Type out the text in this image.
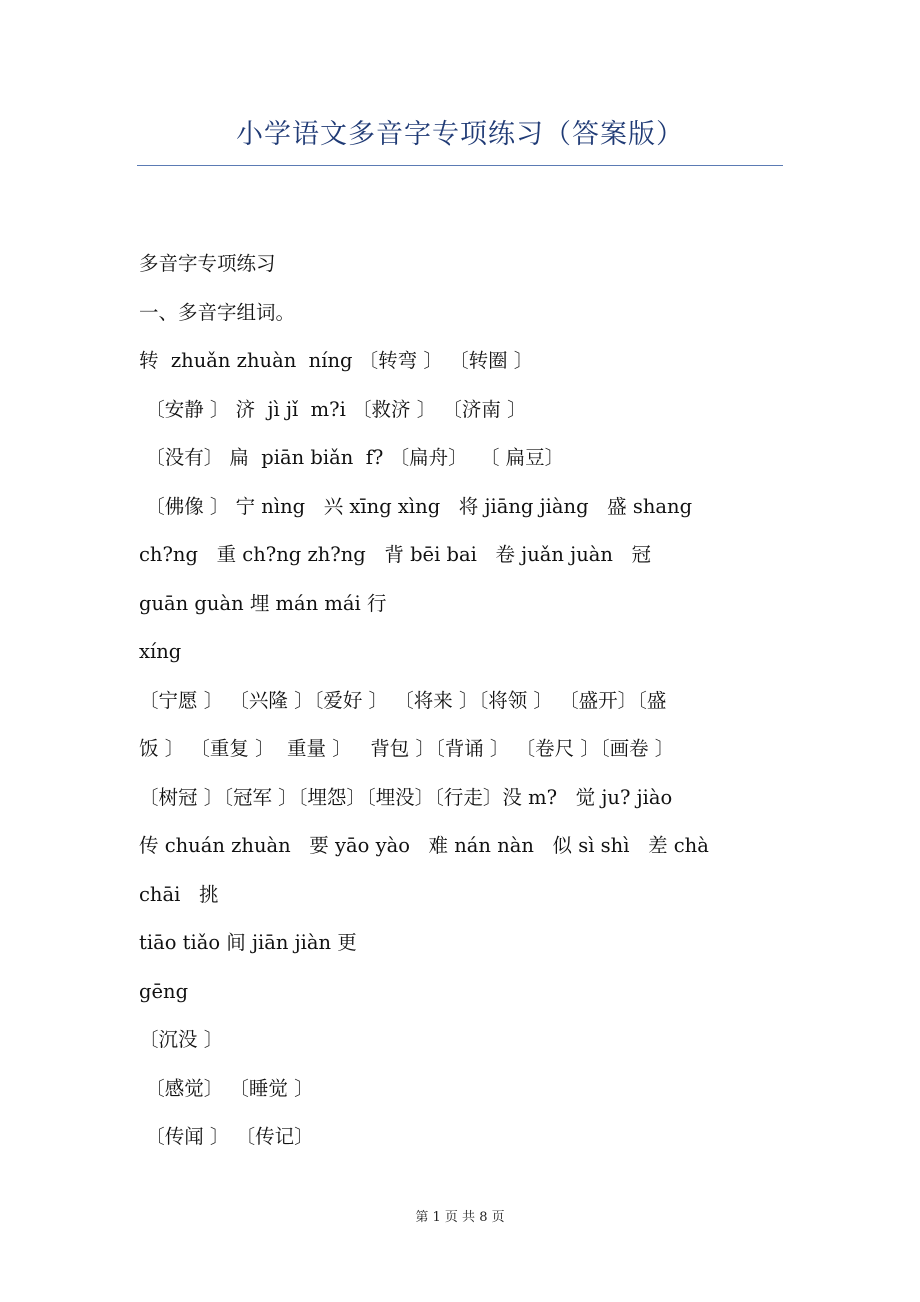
小学语文多音字专项练习（答案版）
多音字专项练习
一、多音字组词。
转  zhuǎn zhuàn  níng 〔转弯 〕 〔转圈 〕
〔安静 〕 济  jì jǐ  m?i 〔救济 〕 〔济南 〕
〔没有〕 扁  piān biǎn  f? 〔扁舟〕  〔 扁豆〕
〔佛像 〕 宁 nìng   兴 xīng xìng   将 jiāng jiàng   盛 shang
ch?ng   重 ch?ng zh?ng   背 bēi bai   卷 juǎn juàn   冠
guān guàn 埋 mán mái 行
xíng
〔宁愿 〕 〔兴隆 〕〔爱好 〕 〔将来 〕〔将领 〕 〔盛开〕〔盛
饭 〕 〔重复 〕  重量 〕   背包 〕〔背诵 〕 〔卷尺 〕〔画卷 〕
〔树冠 〕〔冠军 〕〔埋怨〕〔埋没〕〔行走〕没 m?   觉 ju? jiào
传 chuán zhuàn   要 yāo yào   难 nán nàn   似 sì shì   差 chà
chāi   挑
tiāo tiǎo 间 jiān jiàn 更
gēng
〔沉没 〕
〔感觉〕 〔睡觉 〕
〔传闻 〕 〔传记〕
第 1 页 共 8 页
